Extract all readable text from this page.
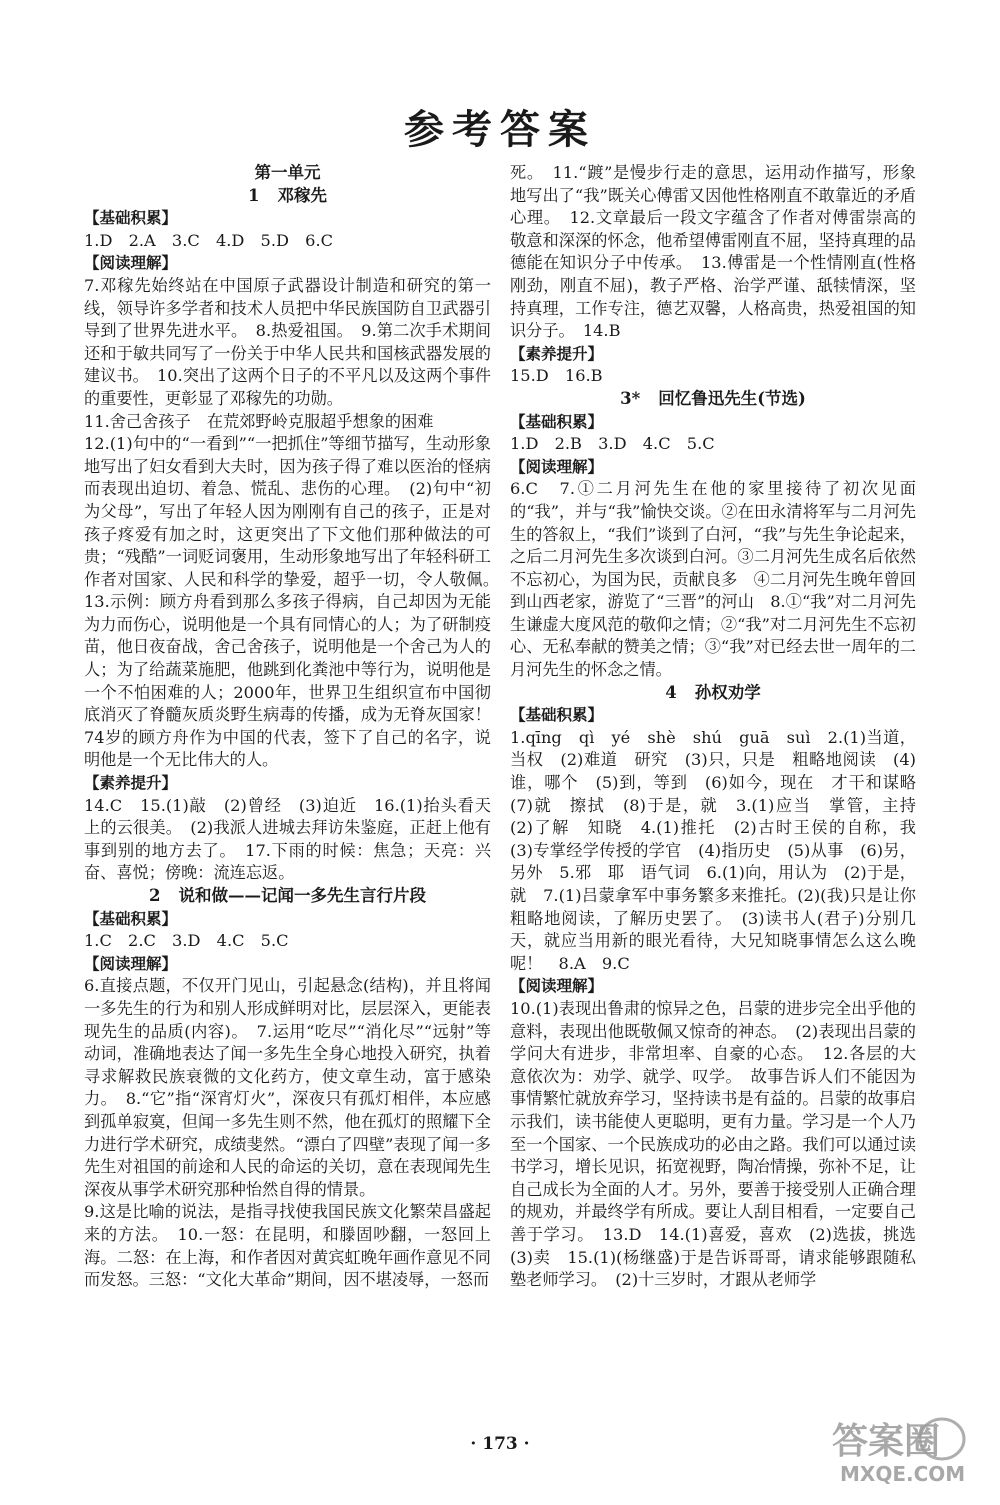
参考答案

第一单元

1 邓稼先

【基础积累】

1.D　2.A　3.C　4.D　5.D　6.C

【阅读理解】

7.邓稼先始终站在中国原子武器设计制造和研究的第一线，领导许多学者和技术人员把中华民族国防自卫武器引导到了世界先进水平。　8.热爱祖国。　9.第二次手术期间还和于敏共同写了一份关于中华人民共和国核武器发展的建议书。　10.突出了这两个日子的不平凡以及这两个事件的重要性，更彰显了邓稼先的功勋。

11.舍己舍孩子　在荒郊野岭克服超乎想象的困难

12.(1)句中的“一看到”“一把抓住”等细节描写，生动形象地写出了妇女看到大夫时，因为孩子得了难以医治的怪病而表现出迫切、着急、慌乱、悲伤的心理。　(2)句中“初为父母”，写出了年轻人因为刚刚有自己的孩子，正是对孩子疼爱有加之时，这更突出了下文他们那种做法的可贵；“残酷”一词贬词褒用，生动形象地写出了年轻科研工作者对国家、人民和科学的挚爱，超乎一切，令人敬佩。　13.示例：顾方舟看到那么多孩子得病，自己却因为无能为力而伤心，说明他是一个具有同情心的人；为了研制疫苗，他日夜奋战，舍己舍孩子，说明他是一个舍己为人的人；为了给蔬菜施肥，他跳到化粪池中等行为，说明他是一个不怕困难的人；2000年，世界卫生组织宣布中国彻底消灭了脊髓灰质炎野生病毒的传播，成为无脊灰国家！74岁的顾方舟作为中国的代表，签下了自己的名字，说明他是一个无比伟大的人。

【素养提升】

14.C　15.(1)敲　(2)曾经　(3)迫近　16.(1)抬头看天上的云很美。　(2)我派人进城去拜访朱鉴庭，正赶上他有事到别的地方去了。　17.下雨的时候：焦急；天亮：兴奋、喜悦；傍晚：流连忘返。

2 说和做——记闻一多先生言行片段

【基础积累】

1.C　2.C　3.D　4.C　5.C

【阅读理解】

6.直接点题，不仅开门见山，引起悬念(结构)，并且将闻一多先生的行为和别人形成鲜明对比，层层深入，更能表现先生的品质(内容)。　7.运用“吃尽”“消化尽”“远射”等动词，准确地表达了闻一多先生全身心地投入研究，执着寻求解救民族衰微的文化药方，使文章生动，富于感染力。　8.“它”指“深宵灯火”，深夜只有孤灯相伴，本应感到孤单寂寞，但闻一多先生则不然，他在孤灯的照耀下全力进行学术研究，成绩斐然。“漂白了四壁”表现了闻一多先生对祖国的前途和人民的命运的关切，意在表现闻先生深夜从事学术研究那种怡然自得的情景。

9.这是比喻的说法，是指寻找使我国民族文化繁荣昌盛起来的方法。　10.一怒：在昆明，和滕固吵翻，一怒回上海。二怒：在上海，和作者因对黄宾虹晚年画作意见不同而发怒。三怒：“文化大革命”期间，因不堪凌辱，一怒而

死。　11.“踱”是慢步行走的意思，运用动作描写，形象地写出了“我”既关心傅雷又因他性格刚直不敢靠近的矛盾心理。　12.文章最后一段文字蕴含了作者对傅雷崇高的敬意和深深的怀念，他希望傅雷刚直不屈，坚持真理的品德能在知识分子中传承。　13.傅雷是一个性情刚直(性格刚劲，刚直不屈)，教子严格、治学严谨、舐犊情深，坚持真理，工作专注，德艺双馨，人格高贵，热爱祖国的知识分子。　14.B

【素养提升】

15.D　16.B

3* 回忆鲁迅先生(节选)

【基础积累】

1.D　2.B　3.D　4.C　5.C

【阅读理解】

6.C　7.①二月河先生在他的家里接待了初次见面的“我”，并与“我”愉快交谈。②在田永清将军与二月河先生的答叙上，“我们”谈到了白河，“我”与先生争论起来，之后二月河先生多次谈到白河。③二月河先生成名后依然不忘初心，为国为民，贡献良多　④二月河先生晚年曾回到山西老家，游览了“三晋”的河山　8.①“我”对二月河先生谦虚大度风范的敬仰之情；②“我”对二月河先生不忘初心、无私奉献的赞美之情；③“我”对已经去世一周年的二月河先生的怀念之情。

4 孙权劝学

【基础积累】

1.qīng　qì　yé　shè　shú　guā　suì　2.(1)当道，当权　(2)难道　研究　(3)只，只是　粗略地阅读　(4)谁，哪个　(5)到，等到　(6)如今，现在　才干和谋略　(7)就　擦拭　(8)于是，就　3.(1)应当　掌管，主持　(2)了解　知晓　4.(1)推托　(2)古时王侯的自称，我　(3)专掌经学传授的学官　(4)指历史　(5)从事　(6)另，另外　5.邪　耶　语气词　6.(1)向，用认为　(2)于是，就　7.(1)吕蒙拿军中事务繁多来推托。(2)(我)只是让你粗略地阅读，了解历史罢了。　(3)读书人(君子)分别几天，就应当用新的眼光看待，大兄知晓事情怎么这么晚呢！　8.A　9.C

【阅读理解】

10.(1)表现出鲁肃的惊异之色，吕蒙的进步完全出乎他的意料，表现出他既敬佩又惊奇的神态。　(2)表现出吕蒙的学问大有进步，非常坦率、自豪的心态。　12.各层的大意依次为：劝学、就学、叹学。　故事告诉人们不能因为事情繁忙就放弃学习，坚持读书是有益的。吕蒙的故事启示我们，读书能使人更聪明，更有力量。学习是一个人乃至一个国家、一个民族成功的必由之路。我们可以通过读书学习，增长见识，拓宽视野，陶冶情操，弥补不足，让自己成长为全面的人才。另外，要善于接受别人正确合理的规劝，并最终学有所成。要让人刮目相看，一定要自己善于学习。　13.D　14.(1)喜爱，喜欢　(2)选拔，挑选　(3)卖　15.(1)(杨继盛)于是告诉哥哥，请求能够跟随私塾老师学习。　(2)十三岁时，才跟从老师学

· 173 ·	答案圈
MXQE.COM
